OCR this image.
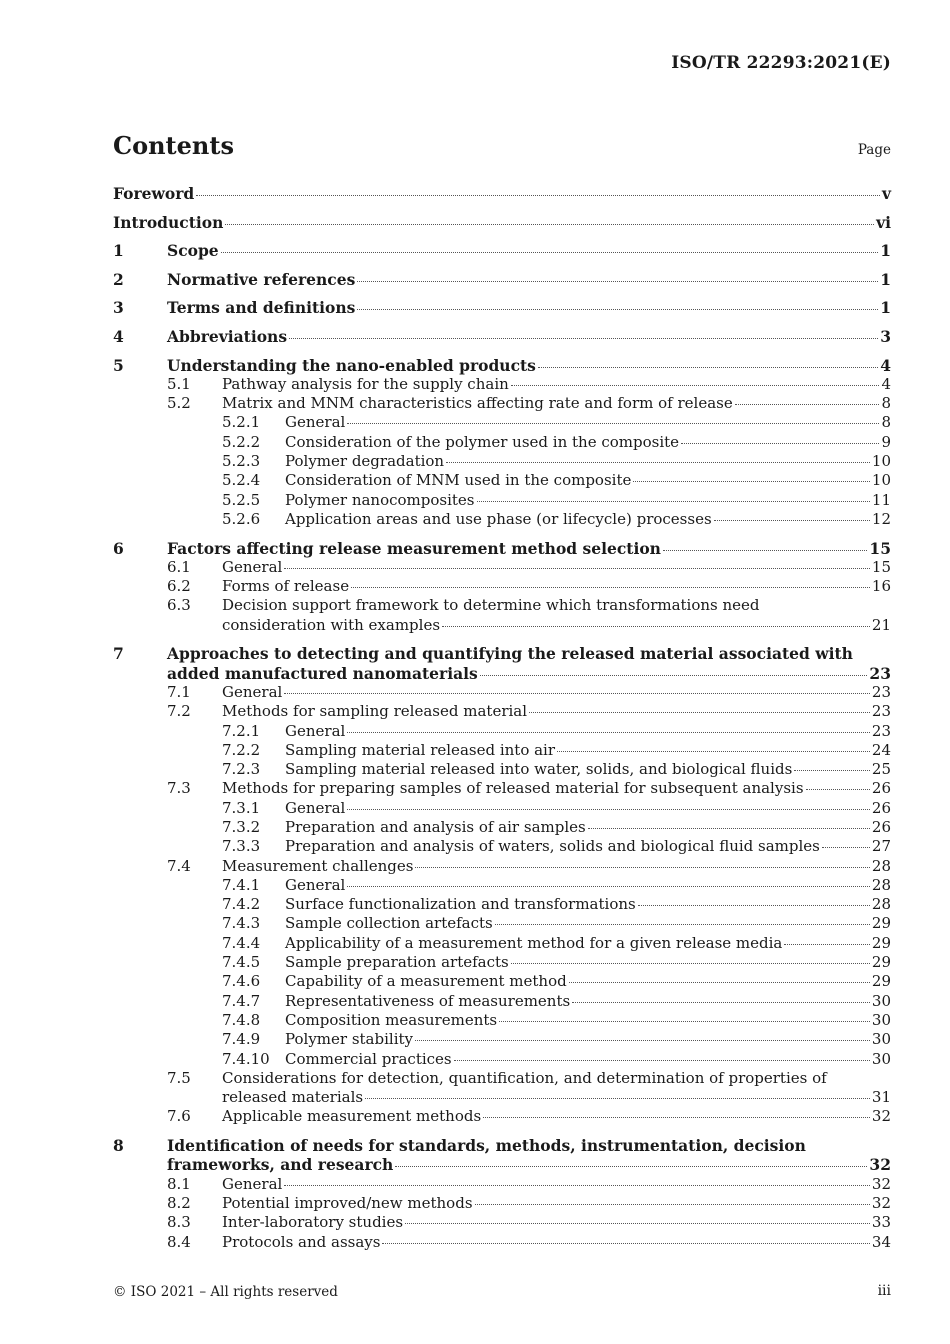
ISO/TR 22293:2021(E)
Contents	Page
Foreword	v
Introduction	vi
1	Scope	1
2	Normative references	1
3	Terms and definitions	1
4	Abbreviations	3
5	Understanding the nano-enabled products	4
5.1	Pathway analysis for the supply chain	4
5.2	Matrix and MNM characteristics affecting rate and form of release	8
5.2.1	General	8
5.2.2	Consideration of the polymer used in the composite	9
5.2.3	Polymer degradation	10
5.2.4	Consideration of MNM used in the composite	10
5.2.5	Polymer nanocomposites	11
5.2.6	Application areas and use phase (or lifecycle) processes	12
6	Factors affecting release measurement method selection	15
6.1	General	15
6.2	Forms of release	16
6.3	Decision support framework to determine which transformations need
consideration with examples	21
7	Approaches to detecting and quantifying the released material associated with
added manufactured nanomaterials	23
7.1	General	23
7.2	Methods for sampling released material	23
7.2.1	General	23
7.2.2	Sampling material released into air	24
7.2.3	Sampling material released into water, solids, and biological fluids	25
7.3	Methods for preparing samples of released material for subsequent analysis	26
7.3.1	General	26
7.3.2	Preparation and analysis of air samples	26
7.3.3	Preparation and analysis of waters, solids and biological fluid samples	27
7.4	Measurement challenges	28
7.4.1	General	28
7.4.2	Surface functionalization and transformations	28
7.4.3	Sample collection artefacts	29
7.4.4	Applicability of a measurement method for a given release media	29
7.4.5	Sample preparation artefacts	29
7.4.6	Capability of a measurement method	29
7.4.7	Representativeness of measurements	30
7.4.8	Composition measurements	30
7.4.9	Polymer stability	30
7.4.10	Commercial practices	30
7.5	Considerations for detection, quantification, and determination of properties of
released materials	31
7.6	Applicable measurement methods	32
8	Identification of needs for standards, methods, instrumentation, decision
frameworks, and research	32
8.1	General	32
8.2	Potential improved/new methods	32
8.3	Inter-laboratory studies	33
8.4	Protocols and assays	34
© ISO 2021 – All rights reserved	iii
